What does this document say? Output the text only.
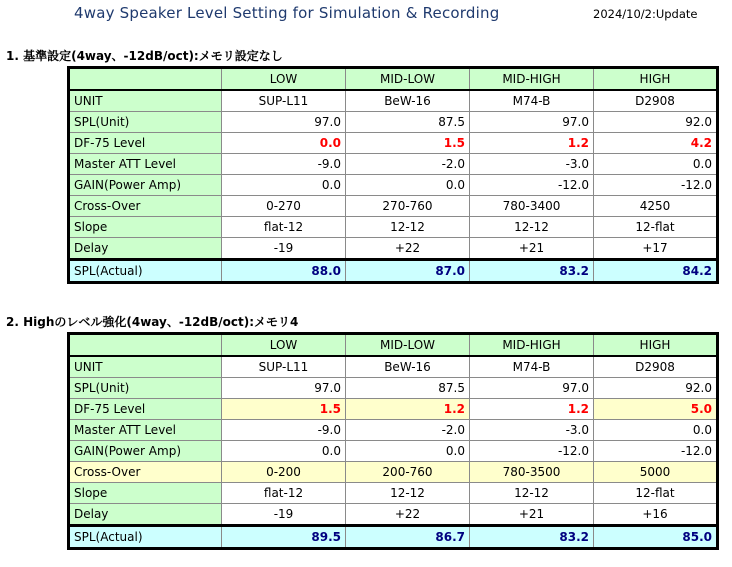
4way Speaker Level Setting for Simulation & Recording	2024/10/2:Update
1. 基準設定(4way、-12dB/oct):メモリ設定なし
	LOW	MID-LOW	MID-HIGH	HIGH
UNIT	SUP-L11	BeW-16	M74-B	D2908
SPL(Unit)	97.0	87.5	97.0	92.0
DF-75 Level	0.0	1.5	1.2	4.2
Master ATT Level	-9.0	-2.0	-3.0	0.0
GAIN(Power Amp)	0.0	0.0	-12.0	-12.0
Cross-Over	0-270	270-760	780-3400	4250
Slope	flat-12	12-12	12-12	12-flat
Delay	-19	+22	+21	+17
SPL(Actual)	88.0	87.0	83.2	84.2
2. Highのレベル強化(4way、-12dB/oct):メモリ4
	LOW	MID-LOW	MID-HIGH	HIGH
UNIT	SUP-L11	BeW-16	M74-B	D2908
SPL(Unit)	97.0	87.5	97.0	92.0
DF-75 Level	1.5	1.2	1.2	5.0
Master ATT Level	-9.0	-2.0	-3.0	0.0
GAIN(Power Amp)	0.0	0.0	-12.0	-12.0
Cross-Over	0-200	200-760	780-3500	5000
Slope	flat-12	12-12	12-12	12-flat
Delay	-19	+22	+21	+16
SPL(Actual)	89.5	86.7	83.2	85.0
